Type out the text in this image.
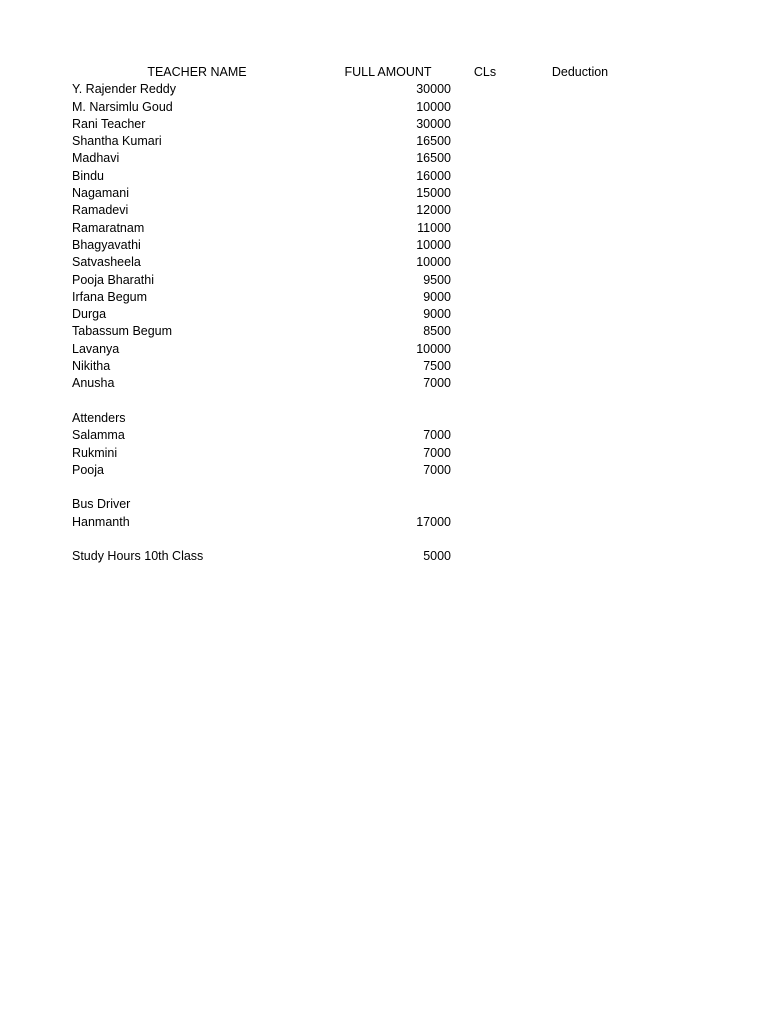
TEACHER NAME	FULL AMOUNT	CLs	Deduction
Y. Rajender Reddy	30000
M. Narsimlu Goud	10000
Rani Teacher	30000
Shantha Kumari	16500
Madhavi	16500
Bindu	16000
Nagamani	15000
Ramadevi	12000
Ramaratnam	11000
Bhagyavathi	10000
Satvasheela	10000
Pooja Bharathi	9500
Irfana Begum	9000
Durga	9000
Tabassum Begum	8500
Lavanya	10000
Nikitha	7500
Anusha	7000
Attenders
Salamma	7000
Rukmini	7000
Pooja	7000
Bus Driver
Hanmanth	17000
Study Hours 10th Class	5000
